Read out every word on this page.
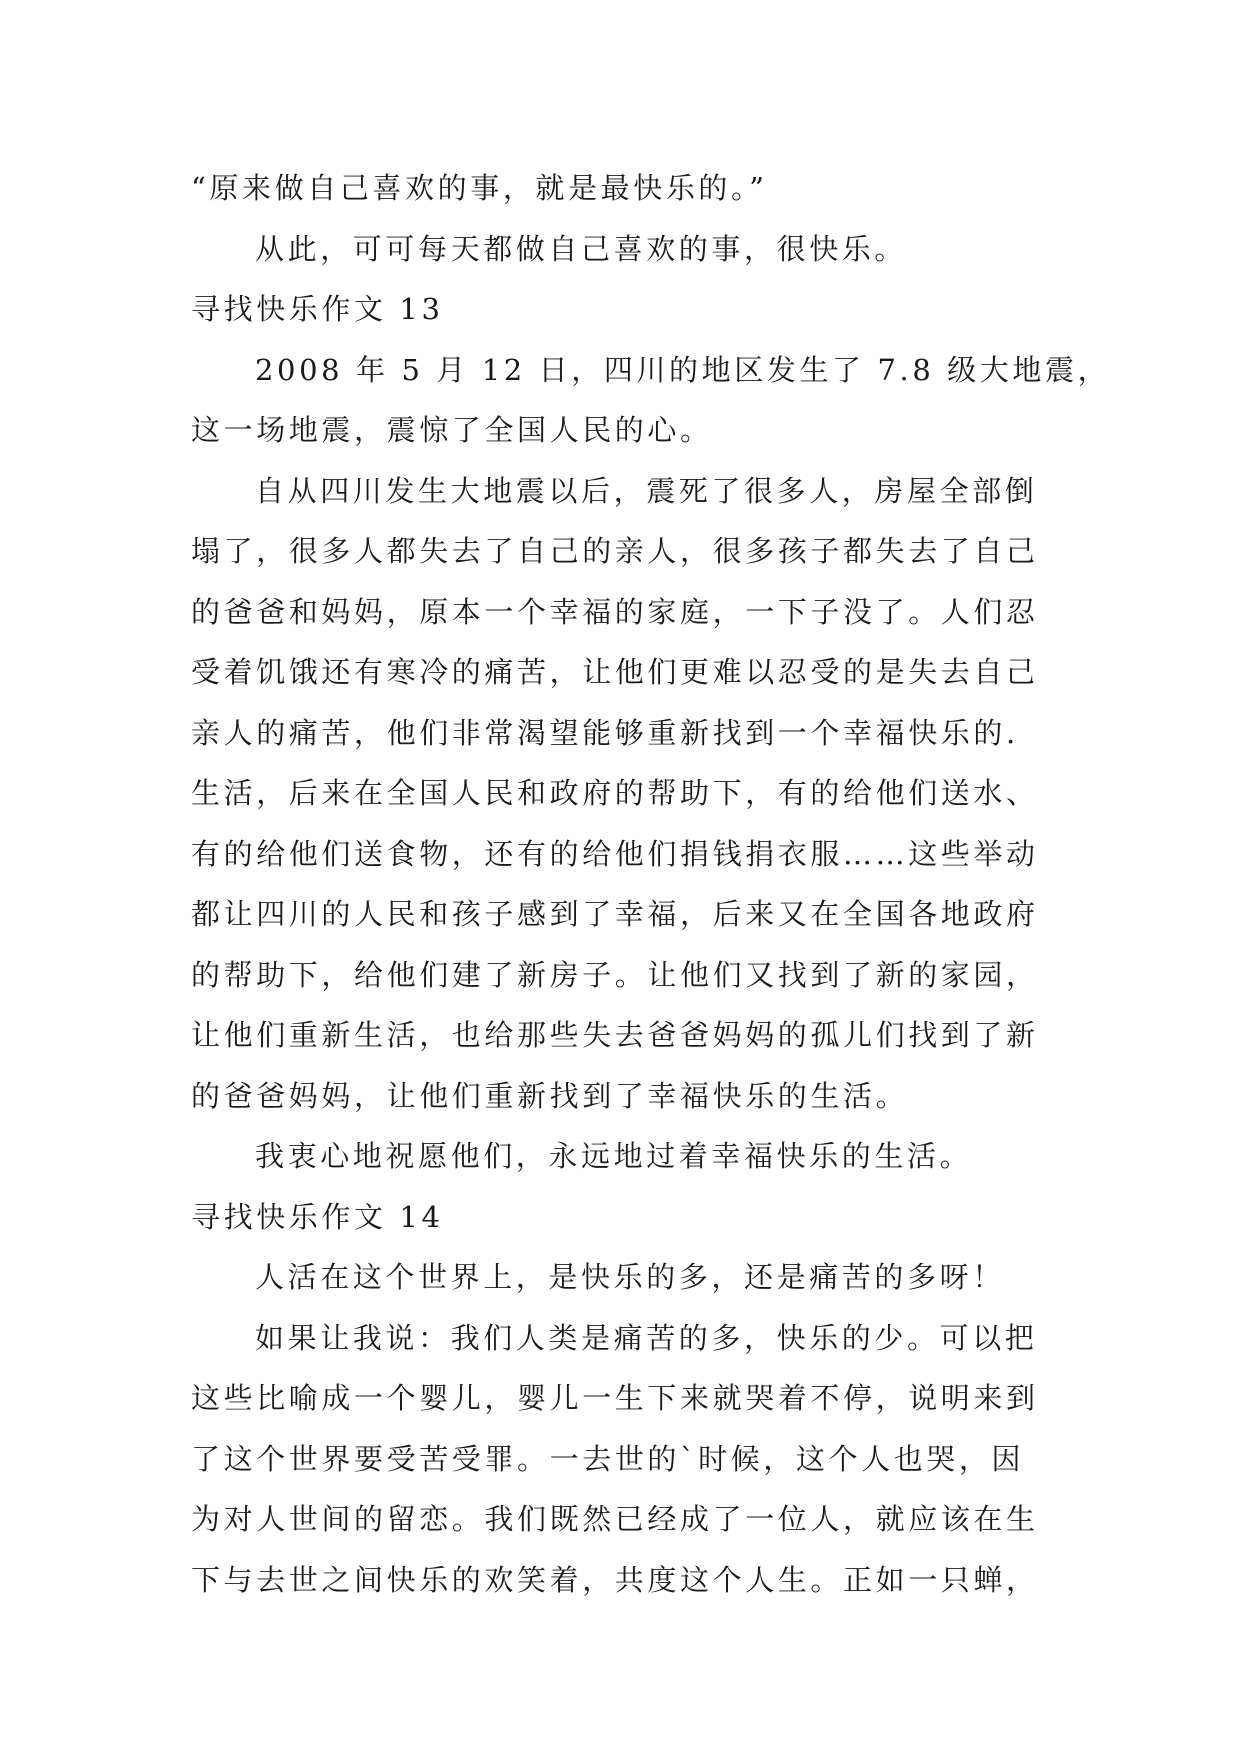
“原来做自己喜欢的事，就是最快乐的。”
从此，可可每天都做自己喜欢的事，很快乐。
寻找快乐作文 13
2008 年 5 月 12 日，四川的地区发生了 7.8 级大地震，
这一场地震，震惊了全国人民的心。
自从四川发生大地震以后，震死了很多人，房屋全部倒
塌了，很多人都失去了自己的亲人，很多孩子都失去了自己
的爸爸和妈妈，原本一个幸福的家庭，一下子没了。人们忍
受着饥饿还有寒冷的痛苦，让他们更难以忍受的是失去自己
亲人的痛苦，他们非常渴望能够重新找到一个幸福快乐的.
生活，后来在全国人民和政府的帮助下，有的给他们送水、
有的给他们送食物，还有的给他们捐钱捐衣服……这些举动
都让四川的人民和孩子感到了幸福，后来又在全国各地政府
的帮助下，给他们建了新房子。让他们又找到了新的家园，
让他们重新生活，也给那些失去爸爸妈妈的孤儿们找到了新
的爸爸妈妈，让他们重新找到了幸福快乐的生活。
我衷心地祝愿他们，永远地过着幸福快乐的生活。
寻找快乐作文 14
人活在这个世界上，是快乐的多，还是痛苦的多呀！
如果让我说：我们人类是痛苦的多，快乐的少。可以把
这些比喻成一个婴儿，婴儿一生下来就哭着不停，说明来到
了这个世界要受苦受罪。一去世的`时候，这个人也哭，因
为对人世间的留恋。我们既然已经成了一位人，就应该在生
下与去世之间快乐的欢笑着，共度这个人生。正如一只蝉，
